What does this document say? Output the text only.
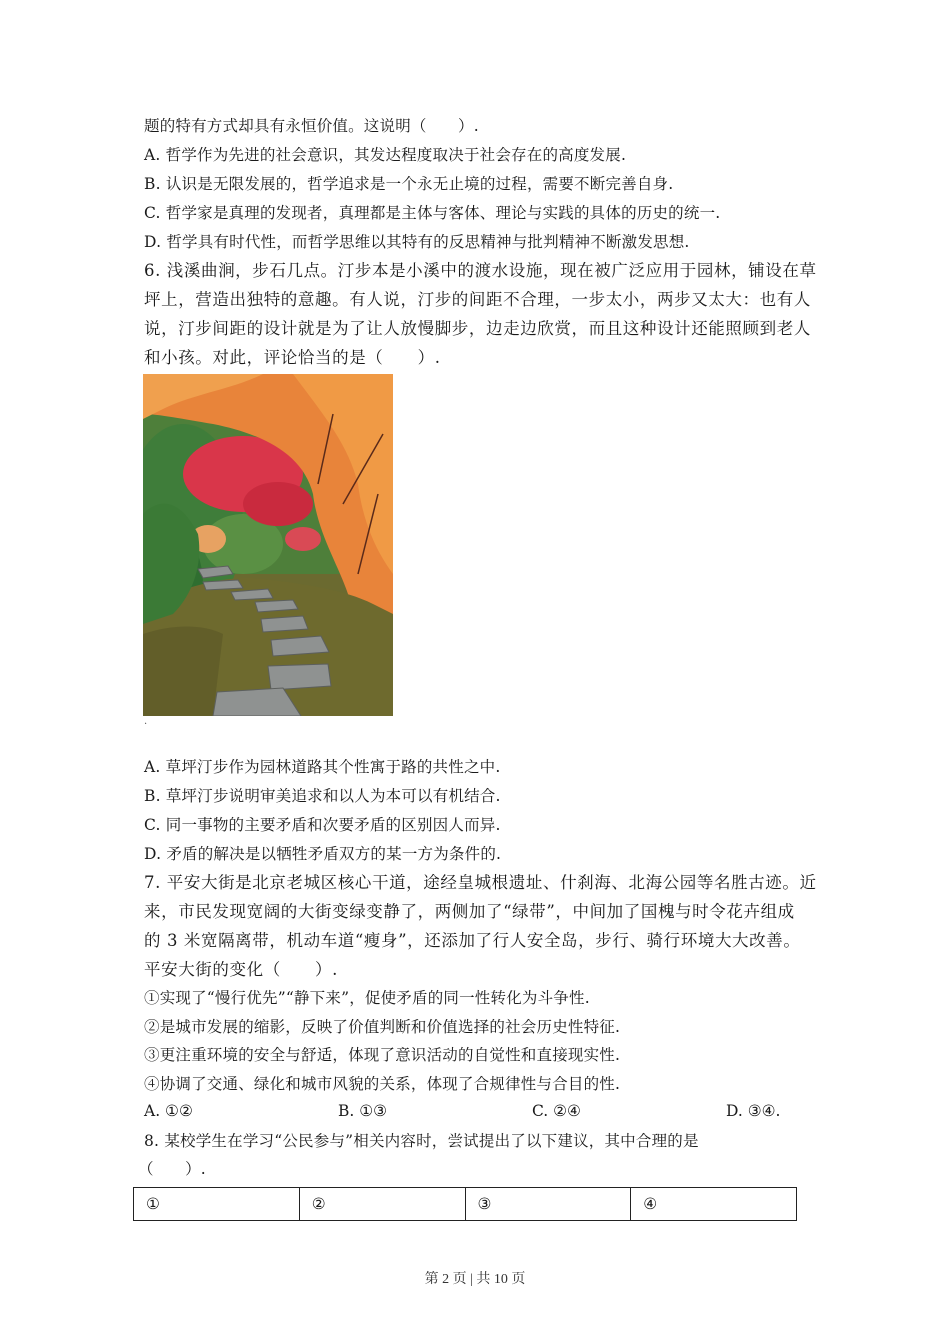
题的特有方式却具有永恒价值。这说明（　　）.
A. 哲学作为先进的社会意识，其发达程度取决于社会存在的高度发展.
B. 认识是无限发展的，哲学追求是一个永无止境的过程，需要不断完善自身.
C. 哲学家是真理的发现者，真理都是主体与客体、理论与实践的具体的历史的统一.
D. 哲学具有时代性，而哲学思维以其特有的反思精神与批判精神不断激发思想.
6. 浅溪曲涧，步石几点。汀步本是小溪中的渡水设施，现在被广泛应用于园林，铺设在草
坪上，营造出独特的意趣。有人说，汀步的间距不合理，一步太小，两步又太大：也有人
说，汀步间距的设计就是为了让人放慢脚步，边走边欣赏，而且这种设计还能照顾到老人
和小孩。对此，评论恰当的是（　　）.
.
A. 草坪汀步作为园林道路其个性寓于路的共性之中.
B. 草坪汀步说明审美追求和以人为本可以有机结合.
C. 同一事物的主要矛盾和次要矛盾的区别因人而异.
D. 矛盾的解决是以牺牲矛盾双方的某一方为条件的.
7. 平安大街是北京老城区核心干道，途经皇城根遗址、什刹海、北海公园等名胜古迹。近
来，市民发现宽阔的大街变绿变静了，两侧加了“绿带”，中间加了国槐与时令花卉组成
的 3 米宽隔离带，机动车道“瘦身”，还添加了行人安全岛，步行、骑行环境大大改善。
平安大街的变化（　　）.
①实现了“慢行优先”“静下来”，促使矛盾的同一性转化为斗争性.
②是城市发展的缩影，反映了价值判断和价值选择的社会历史性特征.
③更注重环境的安全与舒适，体现了意识活动的自觉性和直接现实性.
④协调了交通、绿化和城市风貌的关系，体现了合规律性与合目的性.
A. ①②	B. ①③	C. ②④	D. ③④.
8. 某校学生在学习“公民参与”相关内容时，尝试提出了以下建议，其中合理的是
（　　）.
①	②	③	④
第 2 页 | 共 10 页
